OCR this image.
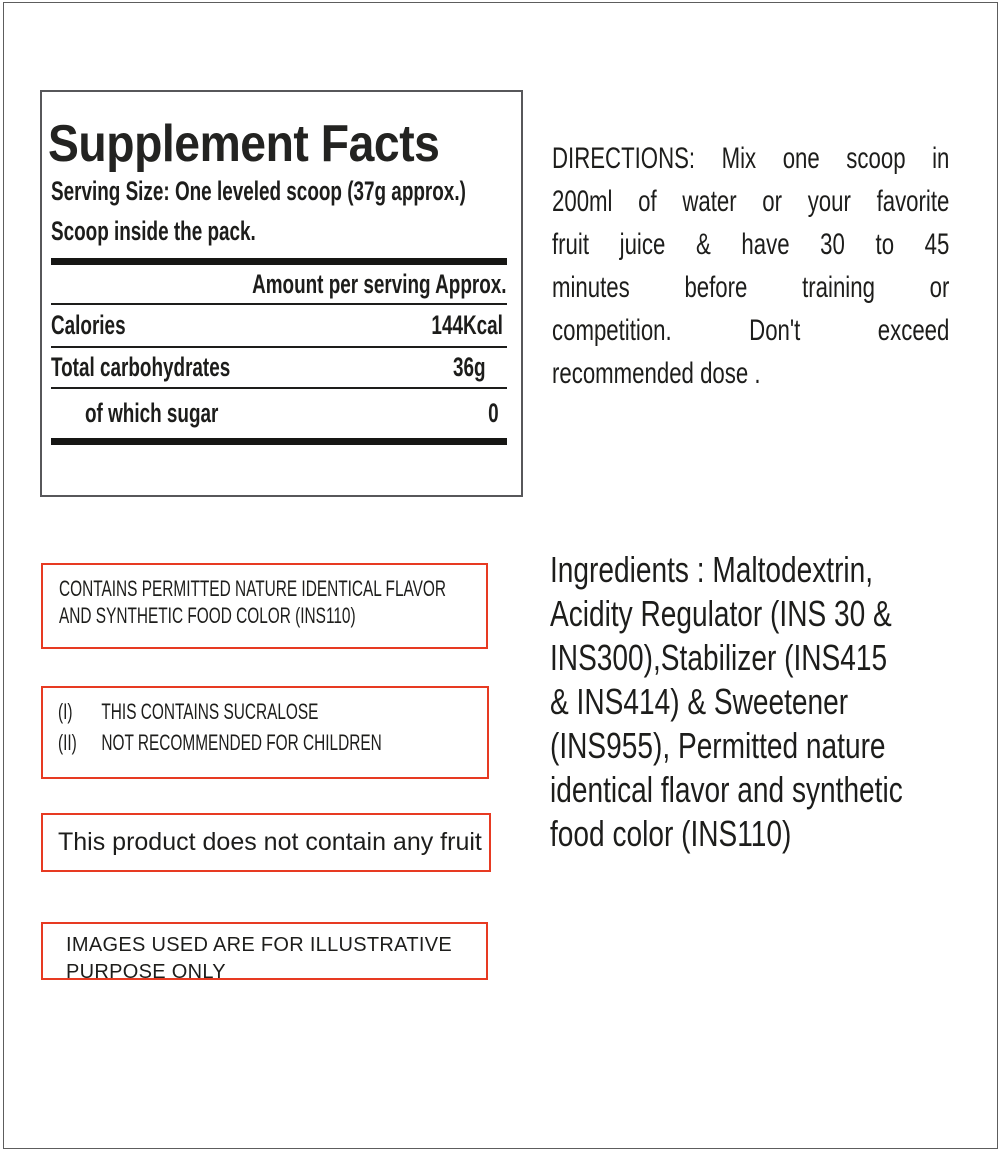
Supplement Facts
Serving Size: One leveled scoop (37g approx.)
Scoop inside the pack.
Amount per serving Approx.
Calories	144Kcal
Total carbohydrates	36g
of which sugar	0
DIRECTIONS: Mix one scoop in
200ml of water or your favorite
fruit juice & have 30 to 45
minutes before training or
competition. Don't exceed
recommended dose .
CONTAINS PERMITTED NATURE IDENTICAL FLAVOR
AND SYNTHETIC FOOD COLOR (INS110)
(I)	THIS CONTAINS SUCRALOSE
(II)	NOT RECOMMENDED FOR CHILDREN
This product does not contain any fruit
IMAGES USED ARE FOR ILLUSTRATIVE
PURPOSE ONLY
Ingredients : Maltodextrin,
Acidity Regulator (INS 30 &
INS300),Stabilizer (INS415
& INS414) & Sweetener
(INS955), Permitted nature
identical flavor and synthetic
food color (INS110)
